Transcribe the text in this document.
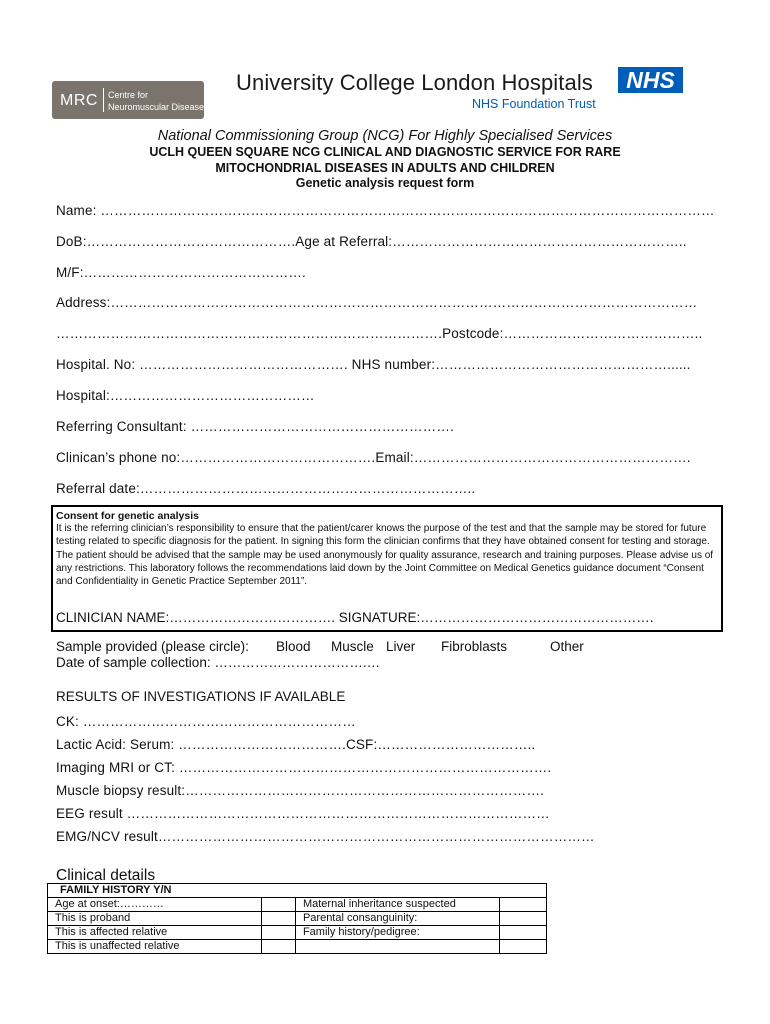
MRC Centre for
Neuromuscular Diseases
University College London Hospitals
NHS Foundation Trust
NHS
National Commissioning Group (NCG) For Highly Specialised Services
UCLH QUEEN SQUARE NCG CLINICAL AND DIAGNOSTIC SERVICE FOR RARE
MITOCHONDRIAL DISEASES IN ADULTS AND CHILDREN
Genetic analysis request form
Name: ………………………………………………………………………………………………………………………
DoB:……………………………………….Age at Referral:………………………………………………………..
M/F:………………………………………….
Address:…………………………………………………………………………………………………………………
………………………………………………………………………….Postcode:……………………………………..
Hospital. No: ………………………………………. NHS number:……………………………………………......
Hospital:………………………………………
Referring Consultant: ………………………………………………….
Clinican’s phone no:…………………………………….Email:…………………………………………………….
Referral date:………………………………………………………………..
Consent for genetic analysis
It is the referring clinician’s responsibility to ensure that the patient/carer knows the purpose of the test and that the sample may be stored for future testing related to specific diagnosis for the patient. In signing this form the clinician confirms that they have obtained consent for testing and storage. The patient should be advised that the sample may be used anonymously for quality assurance, research and training purposes. Please advise us of any restrictions. This laboratory follows the recommendations laid down by the Joint Committee on Medical Genetics guidance document “Consent and Confidentiality in Genetic Practice September 2011”.
CLINICIAN NAME:………………………………. SIGNATURE:…………………………………………….
Sample provided (please circle): Blood Muscle Liver Fibroblasts	Other
Date of sample collection: …………………………….…
RESULTS OF INVESTIGATIONS IF AVAILABLE
CK: ……………………………………………………
Lactic Acid: Serum: ……………………………….CSF:……………………………..
Imaging MRI or CT: ……………………………………………………………………….
Muscle biopsy result:…………………………………………………………………….
EEG result …………………………………………………………………………………
EMG/NCV result……………………………………………………………………………………
Clinical details
FAMILY HISTORY Y/N			
Age at onset:…………		Maternal inheritance suspected	
This is proband		Parental consanguinity:	
This is affected relative		Family history/pedigree:	
This is unaffected relative			
